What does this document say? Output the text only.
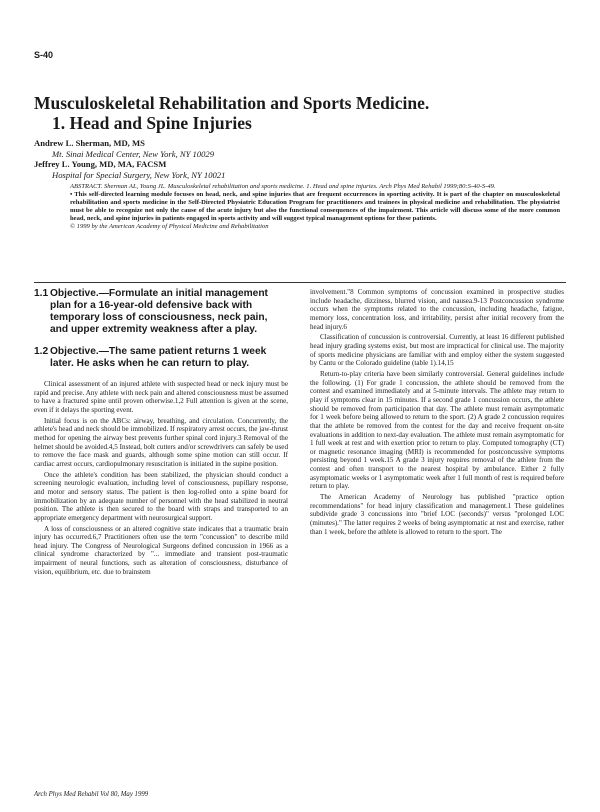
S-40
Musculoskeletal Rehabilitation and Sports Medicine.
1. Head and Spine Injuries
Andrew L. Sherman, MD, MS
Mt. Sinai Medical Center, New York, NY 10029
Jeffrey L. Young, MD, MA, FACSM
Hospital for Special Surgery, New York, NY 10021

ABSTRACT. Sherman AL, Young JL. Musculoskeletal rehabilitation and sports medicine. 1. Head and spine injuries. Arch Phys Med Rehabil 1999;80:S-40-S-49.

• This self-directed learning module focuses on head, neck, and spine injuries that are frequent occurrences in sporting activity. It is part of the chapter on musculoskeletal rehabilitation and sports medicine in the Self-Directed Physiatric Education Program for practitioners and trainees in physical medicine and rehabilitation. The physiatrist must be able to recognize not only the cause of the acute injury but also the functional consequences of the impairment. This article will discuss some of the more common head, neck, and spine injuries in patients engaged in sports activity and will suggest typical management options for these patients.

© 1999 by the American Academy of Physical Medicine and Rehabilitation

1.1 Objective.—Formulate an initial management plan for a 16-year-old defensive back with temporary loss of consciousness, neck pain, and upper extremity weakness after a play.
1.2 Objective.—The same patient returns 1 week later. He asks when he can return to play.

Clinical assessment of an injured athlete with suspected head or neck injury must be rapid and precise. Any athlete with neck pain and altered consciousness must be assumed to have a fractured spine until proven otherwise.1,2 Full attention is given at the scene, even if it delays the sporting event.

Initial focus is on the ABCs: airway, breathing, and circulation. Concurrently, the athlete's head and neck should be immobilized. If respiratory arrest occurs, the jaw-thrust method for opening the airway best prevents further spinal cord injury.3 Removal of the helmet should be avoided.4,5 Instead, bolt cutters and/or screwdrivers can safely be used to remove the face mask and guards, although some spine motion can still occur. If cardiac arrest occurs, cardiopulmonary resuscitation is initiated in the supine position.

Once the athlete's condition has been stabilized, the physician should conduct a screening neurologic evaluation, including level of consciousness, pupillary response, and motor and sensory status. The patient is then log-rolled onto a spine board for immobilization by an adequate number of personnel with the head stabilized in neutral position. The athlete is then secured to the board with straps and transported to an appropriate emergency department with neurosurgical support.

A loss of consciousness or an altered cognitive state indicates that a traumatic brain injury has occurred.6,7 Practitioners often use the term "concussion" to describe mild head injury. The Congress of Neurological Surgeons defined concussion in 1966 as a clinical syndrome characterized by "... immediate and transient post-traumatic impairment of neural functions, such as alteration of consciousness, disturbance of vision, equilibrium, etc. due to brainstem

involvement."8 Common symptoms of concussion examined in prospective studies include headache, dizziness, blurred vision, and nausea.9-13 Postconcussion syndrome occurs when the symptoms related to the concussion, including headache, fatigue, memory loss, concentration loss, and irritability, persist after initial recovery from the head injury.6

Classification of concussion is controversial. Currently, at least 16 different published head injury grading systems exist, but most are impractical for clinical use. The majority of sports medicine physicians are familiar with and employ either the system suggested by Cantu or the Colorado guideline (table 1).14,15

Return-to-play criteria have been similarly controversial. General guidelines include the following. (1) For grade 1 concussion, the athlete should be removed from the contest and examined immediately and at 5-minute intervals. The athlete may return to play if symptoms clear in 15 minutes. If a second grade 1 concussion occurs, the athlete should be removed from participation that day. The athlete must remain asymptomatic for 1 week before being allowed to return to the sport. (2) A grade 2 concussion requires that the athlete be removed from the contest for the day and receive frequent on-site evaluations in addition to next-day evaluation. The athlete must remain asymptomatic for 1 full week at rest and with exertion prior to return to play. Computed tomography (CT) or magnetic resonance imaging (MRI) is recommended for postconcussive symptoms persisting beyond 1 week.15 A grade 3 injury requires removal of the athlete from the contest and often transport to the nearest hospital by ambulance. Either 2 fully asymptomatic weeks or 1 asymptomatic week after 1 full month of rest is required before return to play.

The American Academy of Neurology has published "practice option recommendations" for head injury classification and management.1 These guidelines subdivide grade 3 concussions into "brief LOC (seconds)" versus "prolonged LOC (minutes)." The latter requires 2 weeks of being asymptomatic at rest and exercise, rather than 1 week, before the athlete is allowed to return to the sport. The

Arch Phys Med Rehabil Vol 80, May 1999
